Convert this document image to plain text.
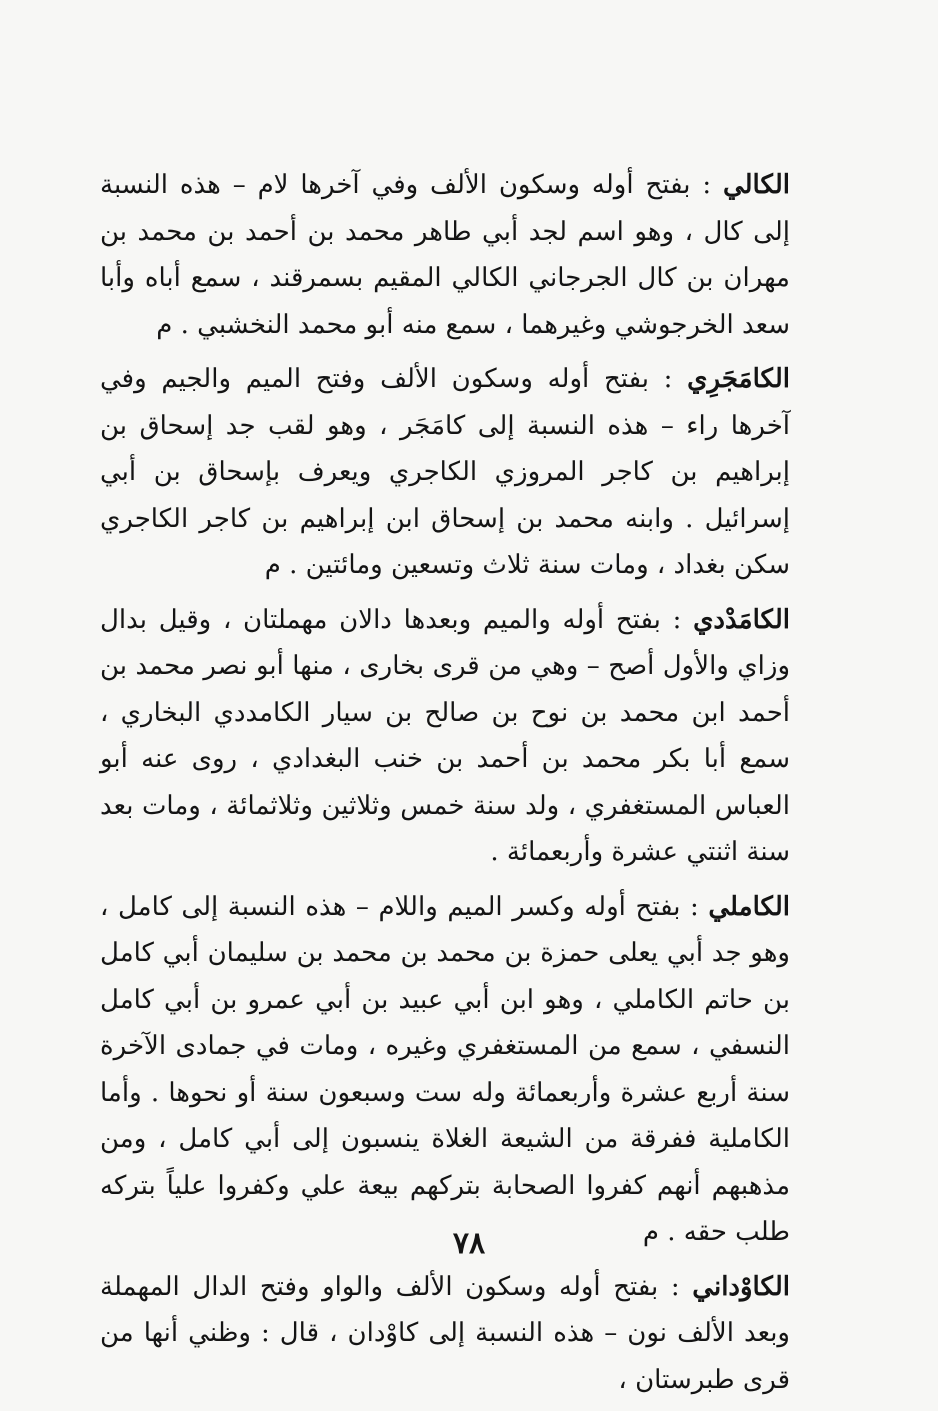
الكالي : بفتح أوله وسكون الألف وفي آخرها لام – هذه النسبة إلى كال ، وهو اسم لجد أبي طاهر محمد بن أحمد بن محمد بن مهران بن كال الجرجاني الكالي المقيم بسمرقند ، سمع أباه وأبا سعد الخرجوشي وغيرهما ، سمع منه أبو محمد النخشبي . م

الكامَجَرِي : بفتح أوله وسكون الألف وفتح الميم والجيم وفي آخرها راء – هذه النسبة إلى كامَجَر ، وهو لقب جد إسحاق بن إبراهيم بن كاجر المروزي الكاجري ويعرف بإسحاق بن أبي إسرائيل . وابنه محمد بن إسحاق ابن إبراهيم بن كاجر الكاجري سكن بغداد ، ومات سنة ثلاث وتسعين ومائتين . م

الكامَدْدي : بفتح أوله والميم وبعدها دالان مهملتان ، وقيل بدال وزاي والأول أصح – وهي من قرى بخارى ، منها أبو نصر محمد بن أحمد ابن محمد بن نوح بن صالح بن سيار الكامددي البخاري ، سمع أبا بكر محمد بن أحمد بن خنب البغدادي ، روى عنه أبو العباس المستغفري ، ولد سنة خمس وثلاثين وثلاثمائة ، ومات بعد سنة اثنتي عشرة وأربعمائة .

الكاملي : بفتح أوله وكسر الميم واللام – هذه النسبة إلى كامل ، وهو جد أبي يعلى حمزة بن محمد بن محمد بن سليمان أبي كامل بن حاتم الكاملي ، وهو ابن أبي عبيد بن أبي عمرو بن أبي كامل النسفي ، سمع من المستغفري وغيره ، ومات في جمادى الآخرة سنة أربع عشرة وأربعمائة وله ست وسبعون سنة أو نحوها . وأما الكاملية ففرقة من الشيعة الغلاة ينسبون إلى أبي كامل ، ومن مذهبهم أنهم كفروا الصحابة بتركهم بيعة علي وكفروا علياً بتركه طلب حقه . م

الكاوْداني : بفتح أوله وسكون الألف والواو وفتح الدال المهملة وبعد الألف نون – هذه النسبة إلى كاوْدان ، قال : وظني أنها من قرى طبرستان ،

٧٨
